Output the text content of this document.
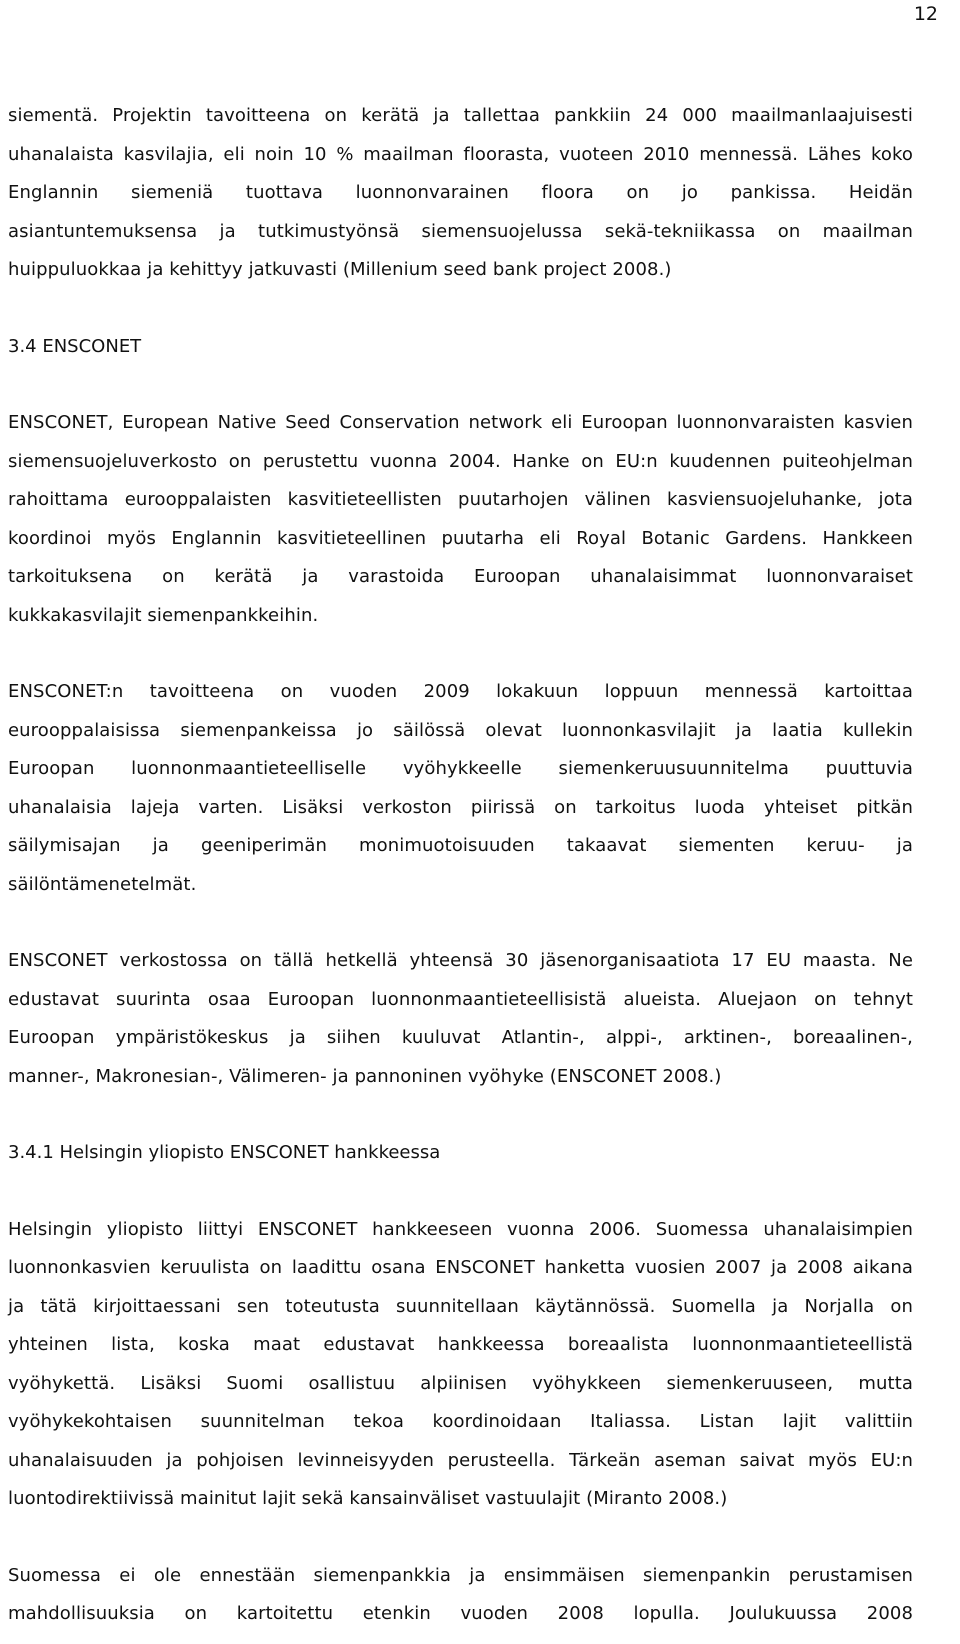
12

siementä. Projektin tavoitteena on kerätä ja tallettaa pankkiin 24 000 maailmanlaajuisesti
uhanalaista kasvilajia, eli noin 10 % maailman floorasta, vuoteen 2010 mennessä. Lähes koko
Englannin siemeniä tuottava luonnonvarainen floora on jo pankissa. Heidän
asiantuntemuksensa ja tutkimustyönsä siemensuojelussa sekä-tekniikassa on maailman
huippuluokkaa ja kehittyy jatkuvasti (Millenium seed bank project 2008.)

3.4 ENSCONET

ENSCONET, European Native Seed Conservation network eli Euroopan luonnonvaraisten kasvien
siemensuojeluverkosto on perustettu vuonna 2004. Hanke on EU:n kuudennen puiteohjelman
rahoittama eurooppalaisten kasvitieteellisten puutarhojen välinen kasviensuojeluhanke, jota
koordinoi myös Englannin kasvitieteellinen puutarha eli Royal Botanic Gardens. Hankkeen
tarkoituksena on kerätä ja varastoida Euroopan uhanalaisimmat luonnonvaraiset
kukkakasvilajit siemenpankkeihin.

ENSCONET:n tavoitteena on vuoden 2009 lokakuun loppuun mennessä kartoittaa
eurooppalaisissa siemenpankeissa jo säilössä olevat luonnonkasvilajit ja laatia kullekin
Euroopan luonnonmaantieteelliselle vyöhykkeelle siemenkeruusuunnitelma puuttuvia
uhanalaisia lajeja varten. Lisäksi verkoston piirissä on tarkoitus luoda yhteiset pitkän
säilymisajan ja geeniperimän monimuotoisuuden takaavat siementen keruu- ja
säilöntämenetelmät.

ENSCONET verkostossa on tällä hetkellä yhteensä 30 jäsenorganisaatiota 17 EU maasta. Ne
edustavat suurinta osaa Euroopan luonnonmaantieteellisistä alueista. Aluejaon on tehnyt
Euroopan ympäristökeskus ja siihen kuuluvat Atlantin-, alppi-, arktinen-, boreaalinen-,
manner-, Makronesian-, Välimeren- ja pannoninen vyöhyke (ENSCONET 2008.)

3.4.1 Helsingin yliopisto ENSCONET hankkeessa

Helsingin yliopisto liittyi ENSCONET hankkeeseen vuonna 2006. Suomessa uhanalaisimpien
luonnonkasvien keruulista on laadittu osana ENSCONET hanketta vuosien 2007 ja 2008 aikana
ja tätä kirjoittaessani sen toteutusta suunnitellaan käytännössä. Suomella ja Norjalla on
yhteinen lista, koska maat edustavat hankkeessa boreaalista luonnonmaantieteellistä
vyöhykettä. Lisäksi Suomi osallistuu alpiinisen vyöhykkeen siemenkeruuseen, mutta
vyöhykekohtaisen suunnitelman tekoa koordinoidaan Italiassa. Listan lajit valittiin
uhanalaisuuden ja pohjoisen levinneisyyden perusteella. Tärkeän aseman saivat myös EU:n
luontodirektiivissä mainitut lajit sekä kansainväliset vastuulajit (Miranto 2008.)

Suomessa ei ole ennestään siemenpankkia ja ensimmäisen siemenpankin perustamisen
mahdollisuuksia on kartoitettu etenkin vuoden 2008 lopulla. Joulukuussa 2008
